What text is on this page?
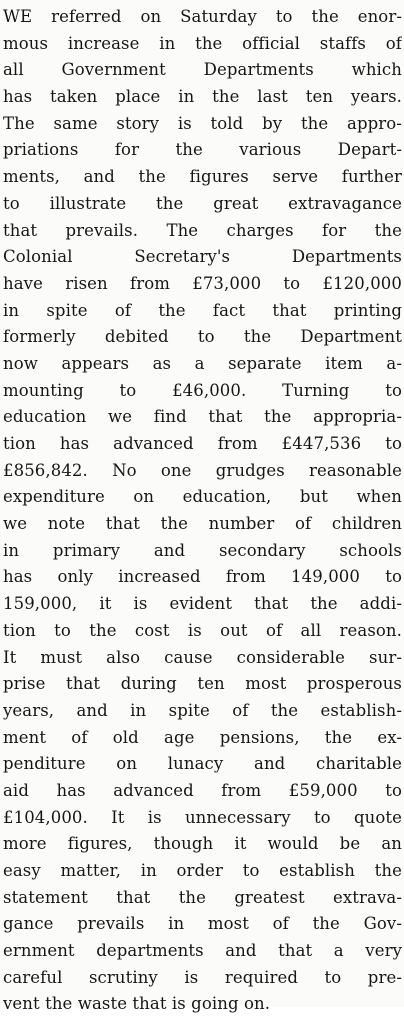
WE referred on Saturday to the enor-
mous increase in the official staffs of
all Government Departments which
has taken place in the last ten years.
The same story is told by the appro-
priations for the various Depart-
ments, and the figures serve further
to illustrate the great extravagance
that prevails. The charges for the
Colonial Secretary's Departments
have risen from £73,000 to £120,000
in spite of the fact that printing
formerly debited to the Department
now appears as a separate item a-
mounting to £46,000. Turning to
education we find that the appropria-
tion has advanced from £447,536 to
£856,842. No one grudges reasonable
expenditure on education, but when
we note that the number of children
in primary and secondary schools
has only increased from 149,000 to
159,000, it is evident that the addi-
tion to the cost is out of all reason.
It must also cause considerable sur-
prise that during ten most prosperous
years, and in spite of the establish-
ment of old age pensions, the ex-
penditure on lunacy and charitable
aid has advanced from £59,000 to
£104,000. It is unnecessary to quote
more figures, though it would be an
easy matter, in order to establish the
statement that the greatest extrava-
gance prevails in most of the Gov-
ernment departments and that a very
careful scrutiny is required to pre-
vent the waste that is going on.
